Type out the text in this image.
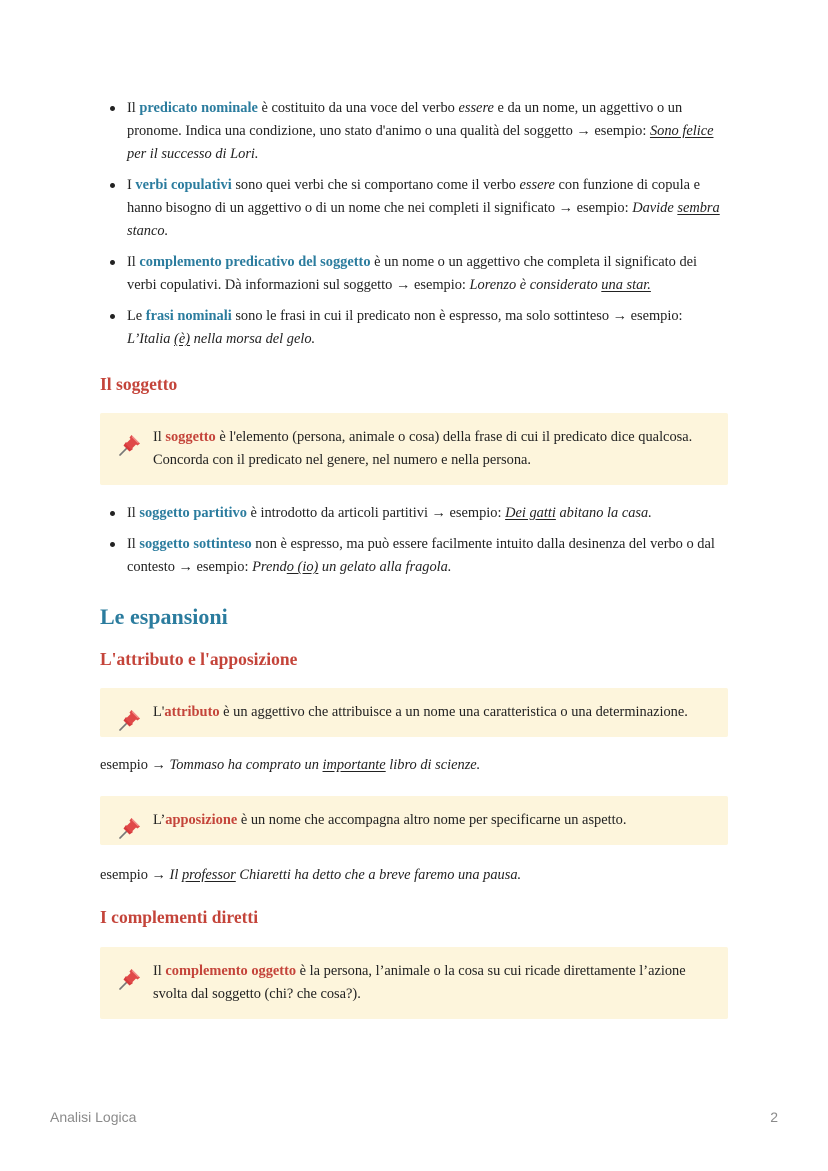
Il predicato nominale è costituito da una voce del verbo essere e da un nome, un aggettivo o un pronome. Indica una condizione, uno stato d'animo o una qualità del soggetto → esempio: Sono felice per il successo di Lori.
I verbi copulativi sono quei verbi che si comportano come il verbo essere con funzione di copula e hanno bisogno di un aggettivo o di un nome che nei completi il significato → esempio: Davide sembra stanco.
Il complemento predicativo del soggetto è un nome o un aggettivo che completa il significato dei verbi copulativi. Dà informazioni sul soggetto → esempio: Lorenzo è considerato una star.
Le frasi nominali sono le frasi in cui il predicato non è espresso, ma solo sottinteso → esempio: L’Italia (è) nella morsa del gelo.
Il soggetto
Il soggetto è l'elemento (persona, animale o cosa) della frase di cui il predicato dice qualcosa. Concorda con il predicato nel genere, nel numero e nella persona.
Il soggetto partitivo è introdotto da articoli partitivi → esempio: Dei gatti abitano la casa.
Il soggetto sottinteso non è espresso, ma può essere facilmente intuito dalla desinenza del verbo o dal contesto → esempio: Prendo (io) un gelato alla fragola.
Le espansioni
L'attributo e l'apposizione
L'attributo è un aggettivo che attribuisce a un nome una caratteristica o una determinazione.
esempio → Tommaso ha comprato un importante libro di scienze.
L’apposizione è un nome che accompagna altro nome per specificarne un aspetto.
esempio → Il professor Chiaretti ha detto che a breve faremo una pausa.
I complementi diretti
Il complemento oggetto è la persona, l’animale o la cosa su cui ricade direttamente l’azione svolta dal soggetto (chi? che cosa?).
Analisi Logica	2
